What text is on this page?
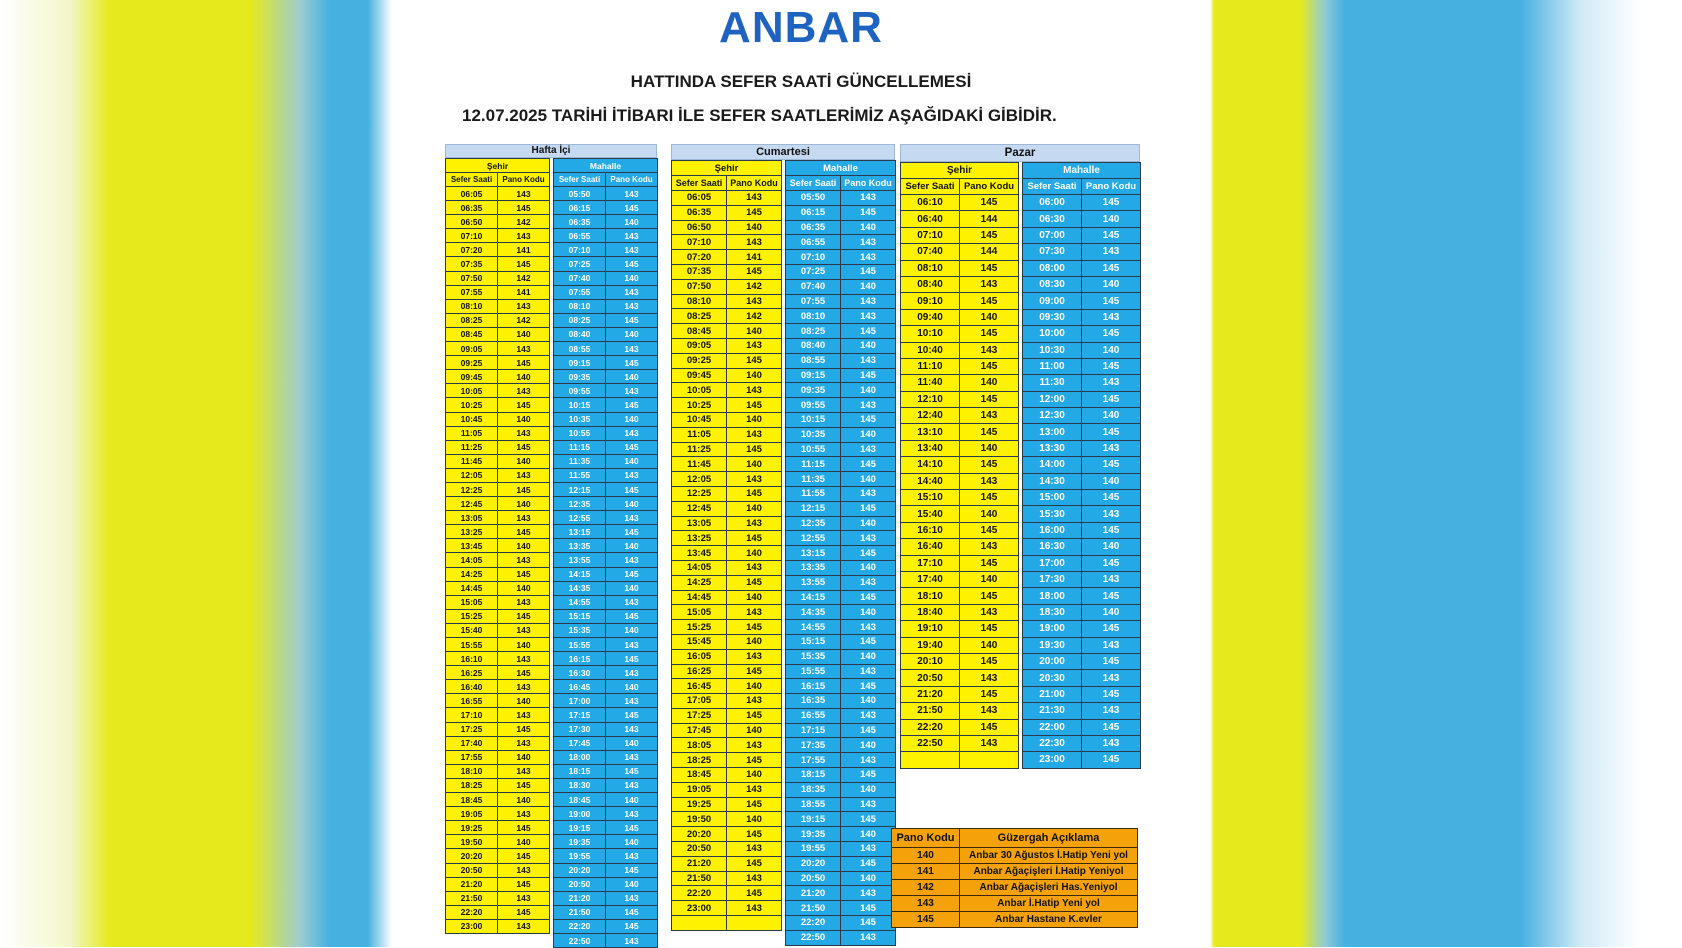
ANBAR
HATTINDA SEFER SAATİ GÜNCELLEMESİ
12.07.2025 TARİHİ İTİBARI İLE SEFER SAATLERİMİZ AŞAĞIDAKİ GİBİDİR.
Hafta İçi
Şehir	
Sefer Saati	Pano Kodu
06:05	143
06:35	145
06:50	142
07:10	143
07:20	141
07:35	145
07:50	142
07:55	141
08:10	143
08:25	142
08:45	140
09:05	143
09:25	145
09:45	140
10:05	143
10:25	145
10:45	140
11:05	143
11:25	145
11:45	140
12:05	143
12:25	145
12:45	140
13:05	143
13:25	145
13:45	140
14:05	143
14:25	145
14:45	140
15:05	143
15:25	145
15:40	143
15:55	140
16:10	143
16:25	145
16:40	143
16:55	140
17:10	143
17:25	145
17:40	143
17:55	140
18:10	143
18:25	145
18:45	140
19:05	143
19:25	145
19:50	140
20:20	145
20:50	143
21:20	145
21:50	143
22:20	145
23:00	143
Mahalle	
Sefer Saati	Pano Kodu
05:50	143
06:15	145
06:35	140
06:55	143
07:10	143
07:25	145
07:40	140
07:55	143
08:10	143
08:25	145
08:40	140
08:55	143
09:15	145
09:35	140
09:55	143
10:15	145
10:35	140
10:55	143
11:15	145
11:35	140
11:55	143
12:15	145
12:35	140
12:55	143
13:15	145
13:35	140
13:55	143
14:15	145
14:35	140
14:55	143
15:15	145
15:35	140
15:55	143
16:15	145
16:30	143
16:45	140
17:00	143
17:15	145
17:30	143
17:45	140
18:00	143
18:15	145
18:30	143
18:45	140
19:00	143
19:15	145
19:35	140
19:55	143
20:20	145
20:50	140
21:20	143
21:50	145
22:20	145
22:50	143
Cumartesi
Şehir	
Sefer Saati	Pano Kodu
06:05	143
06:35	145
06:50	140
07:10	143
07:20	141
07:35	145
07:50	142
08:10	143
08:25	142
08:45	140
09:05	143
09:25	145
09:45	140
10:05	143
10:25	145
10:45	140
11:05	143
11:25	145
11:45	140
12:05	143
12:25	145
12:45	140
13:05	143
13:25	145
13:45	140
14:05	143
14:25	145
14:45	140
15:05	143
15:25	145
15:45	140
16:05	143
16:25	145
16:45	140
17:05	143
17:25	145
17:45	140
18:05	143
18:25	145
18:45	140
19:05	143
19:25	145
19:50	140
20:20	145
20:50	143
21:20	145
21:50	143
22:20	145
23:00	143

Mahalle	
Sefer Saati	Pano Kodu
05:50	143
06:15	145
06:35	140
06:55	143
07:10	143
07:25	145
07:40	140
07:55	143
08:10	143
08:25	145
08:40	140
08:55	143
09:15	145
09:35	140
09:55	143
10:15	145
10:35	140
10:55	143
11:15	145
11:35	140
11:55	143
12:15	145
12:35	140
12:55	143
13:15	145
13:35	140
13:55	143
14:15	145
14:35	140
14:55	143
15:15	145
15:35	140
15:55	143
16:15	145
16:35	140
16:55	143
17:15	145
17:35	140
17:55	143
18:15	145
18:35	140
18:55	143
19:15	145
19:35	140
19:55	143
20:20	145
20:50	140
21:20	143
21:50	145
22:20	145
22:50	143
Pazar
Şehir	
Sefer Saati	Pano Kodu
06:10	145
06:40	144
07:10	145
07:40	144
08:10	145
08:40	143
09:10	145
09:40	140
10:10	145
10:40	143
11:10	145
11:40	140
12:10	145
12:40	143
13:10	145
13:40	140
14:10	145
14:40	143
15:10	145
15:40	140
16:10	145
16:40	143
17:10	145
17:40	140
18:10	145
18:40	143
19:10	145
19:40	140
20:10	145
20:50	143
21:20	145
21:50	143
22:20	145
22:50	143

Mahalle	
Sefer Saati	Pano Kodu
06:00	145
06:30	140
07:00	145
07:30	143
08:00	145
08:30	140
09:00	145
09:30	143
10:00	145
10:30	140
11:00	145
11:30	143
12:00	145
12:30	140
13:00	145
13:30	143
14:00	145
14:30	140
15:00	145
15:30	143
16:00	145
16:30	140
17:00	145
17:30	143
18:00	145
18:30	140
19:00	145
19:30	143
20:00	145
20:30	143
21:00	145
21:30	143
22:00	145
22:30	143
23:00	145
Pano Kodu	Güzergah Açıklama
140	Anbar 30 Ağustos İ.Hatip Yeni yol
141	Anbar Ağaçişleri İ.Hatip Yeniyol
142	Anbar Ağaçişleri Has.Yeniyol
143	Anbar İ.Hatip Yeni yol
145	Anbar Hastane K.evler
